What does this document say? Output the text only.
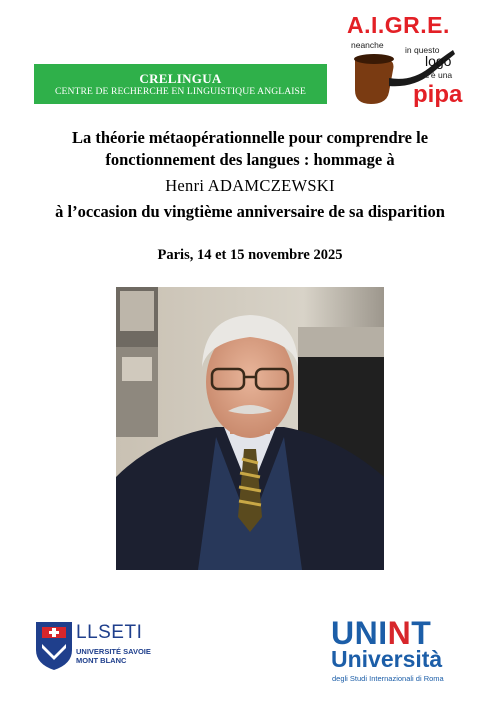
CRELINGUA
CENTRE DE RECHERCHE EN LINGUISTIQUE ANGLAISE
A.I.GR.E.
neanche	in questo
logo
c'è una
pipa
La théorie métaopérationnelle pour comprendre le
fonctionnement des langues : hommage à
Henri ADAMCZEWSKI
à l’occasion du vingtième anniversaire de sa disparition
Paris, 14 et 15 novembre 2025
LLSETI
UNIVERSITÉ SAVOIE
MONT BLANC
UNINT
Università
degli Studi Internazionali di Roma
